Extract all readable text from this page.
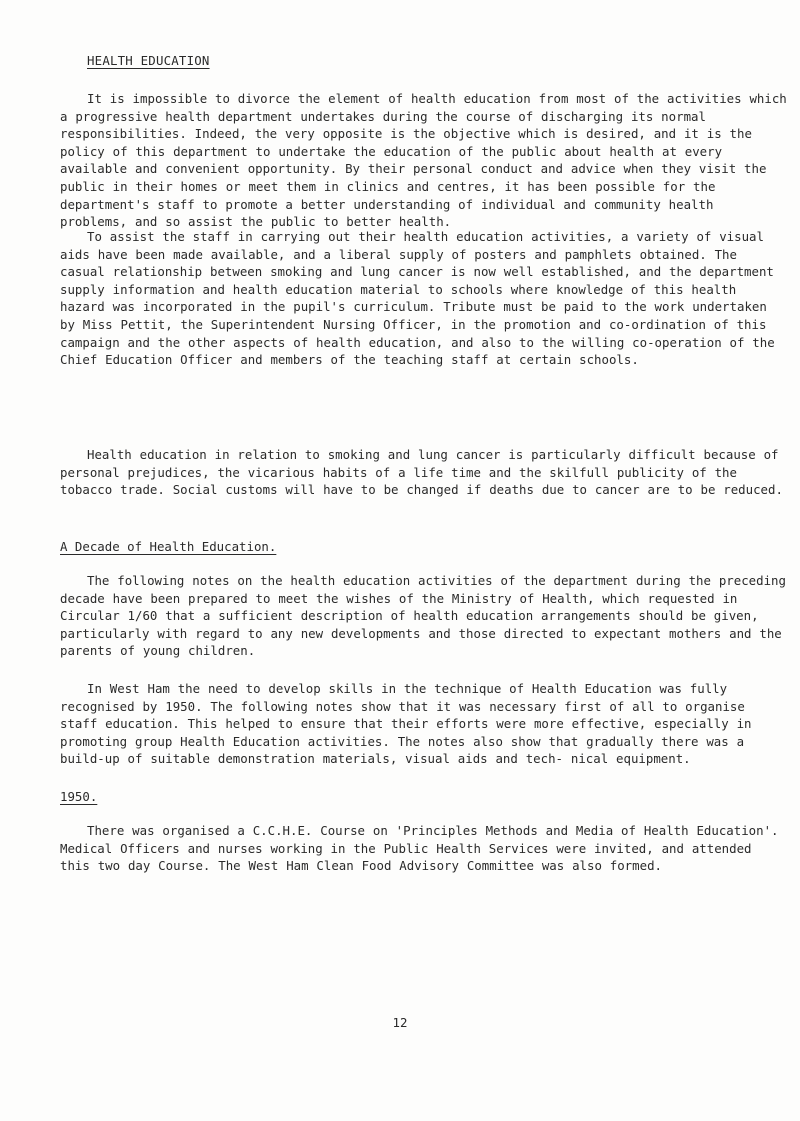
HEALTH EDUCATION

It is impossible to divorce the element of health education from most of the activities which a progressive health department undertakes during the course of discharging its normal responsibilities. Indeed, the very opposite is the objective which is desired, and it is the policy of this department to undertake the education of the public about health at every available and convenient opportunity. By their personal conduct and advice when they visit the public in their homes or meet them in clinics and centres, it has been possible for the department's staff to promote a better understanding of individual and community health problems, and so assist the public to better health.

To assist the staff in carrying out their health education activities, a variety of visual aids have been made available, and a liberal supply of posters and pamphlets obtained. The casual relationship between smoking and lung cancer is now well established, and the department supply information and health education material to schools where knowledge of this health hazard was incorporated in the pupil's curriculum. Tribute must be paid to the work undertaken by Miss Pettit, the Superintendent Nursing Officer, in the promotion and co-ordination of this campaign and the other aspects of health education, and also to the willing co-operation of the Chief Education Officer and members of the teaching staff at certain schools.

Health education in relation to smoking and lung cancer is particularly difficult because of personal prejudices, the vicarious habits of a life time and the skilfull publicity of the tobacco trade. Social customs will have to be changed if deaths due to cancer are to be reduced.

A Decade of Health Education.

The following notes on the health education activities of the department during the preceding decade have been prepared to meet the wishes of the Ministry of Health, which requested in Circular 1/60 that a sufficient description of health education arrangements should be given, particularly with regard to any new developments and those directed to expectant mothers and the parents of young children.

In West Ham the need to develop skills in the technique of Health Education was fully recognised by 1950. The following notes show that it was necessary first of all to organise staff education. This helped to ensure that their efforts were more effective, especially in promoting group Health Education activities. The notes also show that gradually there was a build-up of suitable demonstration materials, visual aids and tech- nical equipment.

1950.

There was organised a C.C.H.E. Course on 'Principles Methods and Media of Health Education'. Medical Officers and nurses working in the Public Health Services were invited, and attended this two day Course. The West Ham Clean Food Advisory Committee was also formed.

12
